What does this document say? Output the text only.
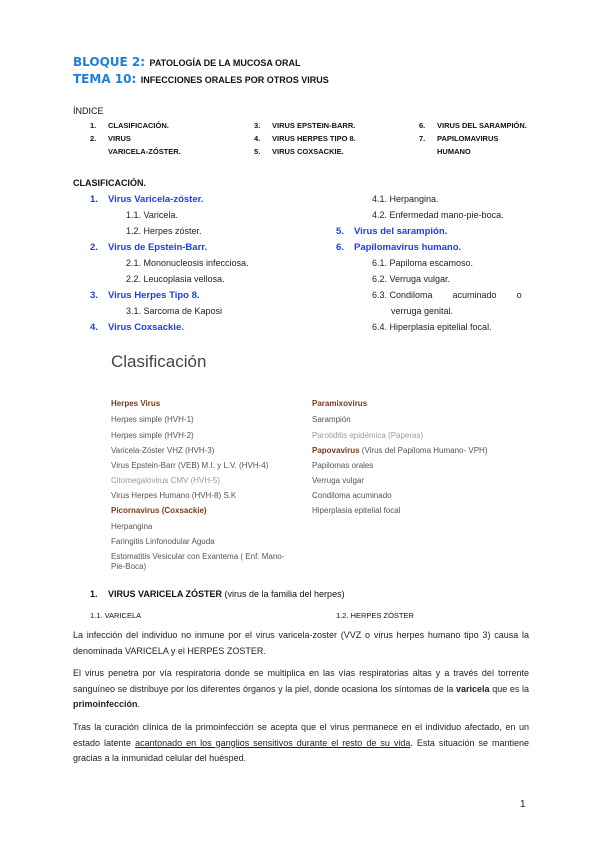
BLOQUE 2: PATOLOGÍA DE LA MUCOSA ORAL
TEMA 10: INFECCIONES ORALES POR OTROS VIRUS
ÍNDICE
1. CLASIFICACIÓN.
2. VIRUS
VARICELA-ZÓSTER.
3. VIRUS EPSTEIN-BARR.
4. VIRUS HERPES TIPO 8.
5. VIRUS COXSACKIE.
6. VIRUS DEL SARAMPIÓN.
7. PAPILOMAVIRUS
HUMANO
CLASIFICACIÓN.
1. Virus Varicela-zóster.
1.1. Varicela.
1.2. Herpes zóster.
2. Virus de Epstein-Barr.
2.1. Mononucleosis infecciosa.
2.2. Leucoplasia vellosa.
3. Virus Herpes Tipo 8.
3.1. Sarcoma de Kaposi
4. Virus Coxsackie.
4.1. Herpangina.
4.2. Enfermedad mano-pie-boca.
5. Virus del sarampión.
6. Papilomavirus humano.
6.1. Papiloma escamoso.
6.2. Verruga vulgar.
6.3. Condiloma        acuminado        o
verruga genital.
6.4. Hiperplasia epitelial focal.
Clasificación
Herpes Virus
Herpes simple (HVH-1)
Herpes simple (HVH-2)
Varicela-Zóster VHZ (HVH-3)
Virus Epstein-Barr (VEB) M.I. y L.V. (HVH-4)
Citomegalovirus CMV (HVH-5)
Virus Herpes Humano (HVH-8) S.K
Picornavirus (Coxsackie)
Herpangina
Faringitis Linfonodular Aguda
Estomatitis Vesicular con Exantema ( Enf. Mano-
Pie-Boca)
Paramixovirus
Sarampión
Parotiditis epidémica (Paperas)
Papovavirus (Virus del Papiloma Humano- VPH)
Papilomas orales
Verruga vulgar
Condiloma acuminado
Hiperplasia epitelial focal
1. VIRUS VARICELA ZÓSTER (virus de la familia del herpes)
1.1. VARICELA	1.2. HERPES ZÓSTER
La infección del individuo no inmune por el virus varicela-zoster (VVZ o virus herpes humano tipo 3) causa la denominada VARICELA y el HERPES ZOSTER.
El virus penetra por vía respiratoria donde se multiplica en las vías respiratorias altas y a través del torrente sanguíneo se distribuye por los diferentes órganos y la piel, donde ocasiona los síntomas de la varicela que es la primoinfección.
Tras la curación clínica de la primoinfección se acepta que el virus permanece en el individuo afectado, en un estado latente acantonado en los ganglios sensitivos durante el resto de su vida. Esta situación se mantiene gracias a la inmunidad celular del huésped.
1
